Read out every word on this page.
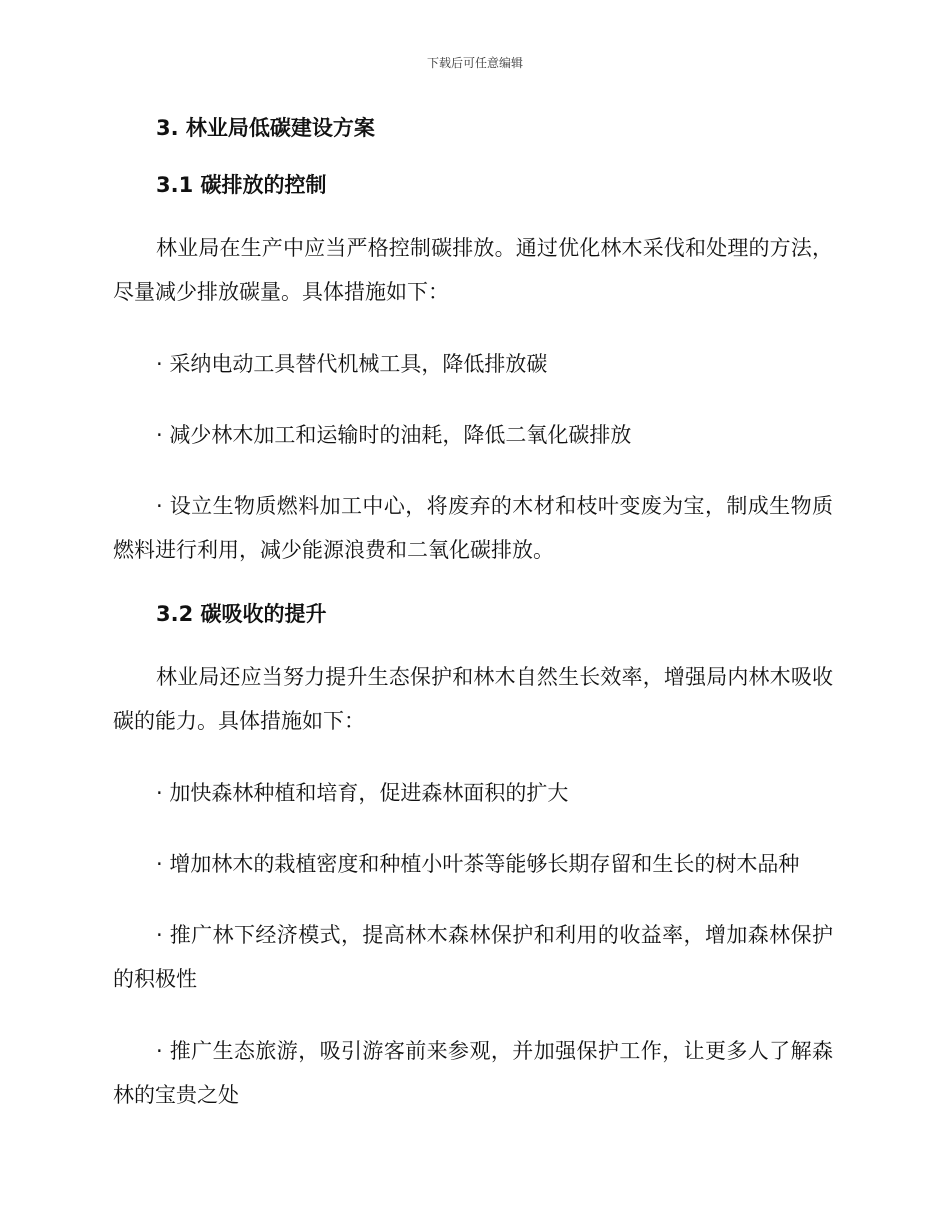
下载后可任意编辑
3. 林业局低碳建设方案
3.1 碳排放的控制

林业局在生产中应当严格控制碳排放。通过优化林木采伐和处理的方法，尽量减少排放碳量。具体措施如下：

· 采纳电动工具替代机械工具，降低排放碳

· 减少林木加工和运输时的油耗，降低二氧化碳排放

· 设立生物质燃料加工中心，将废弃的木材和枝叶变废为宝，制成生物质燃料进行利用，减少能源浪费和二氧化碳排放。

3.2 碳吸收的提升

林业局还应当努力提升生态保护和林木自然生长效率，增强局内林木吸收碳的能力。具体措施如下：

· 加快森林种植和培育，促进森林面积的扩大

· 增加林木的栽植密度和种植小叶茶等能够长期存留和生长的树木品种

· 推广林下经济模式，提高林木森林保护和利用的收益率，增加森林保护的积极性

· 推广生态旅游，吸引游客前来参观，并加强保护工作，让更多人了解森林的宝贵之处
